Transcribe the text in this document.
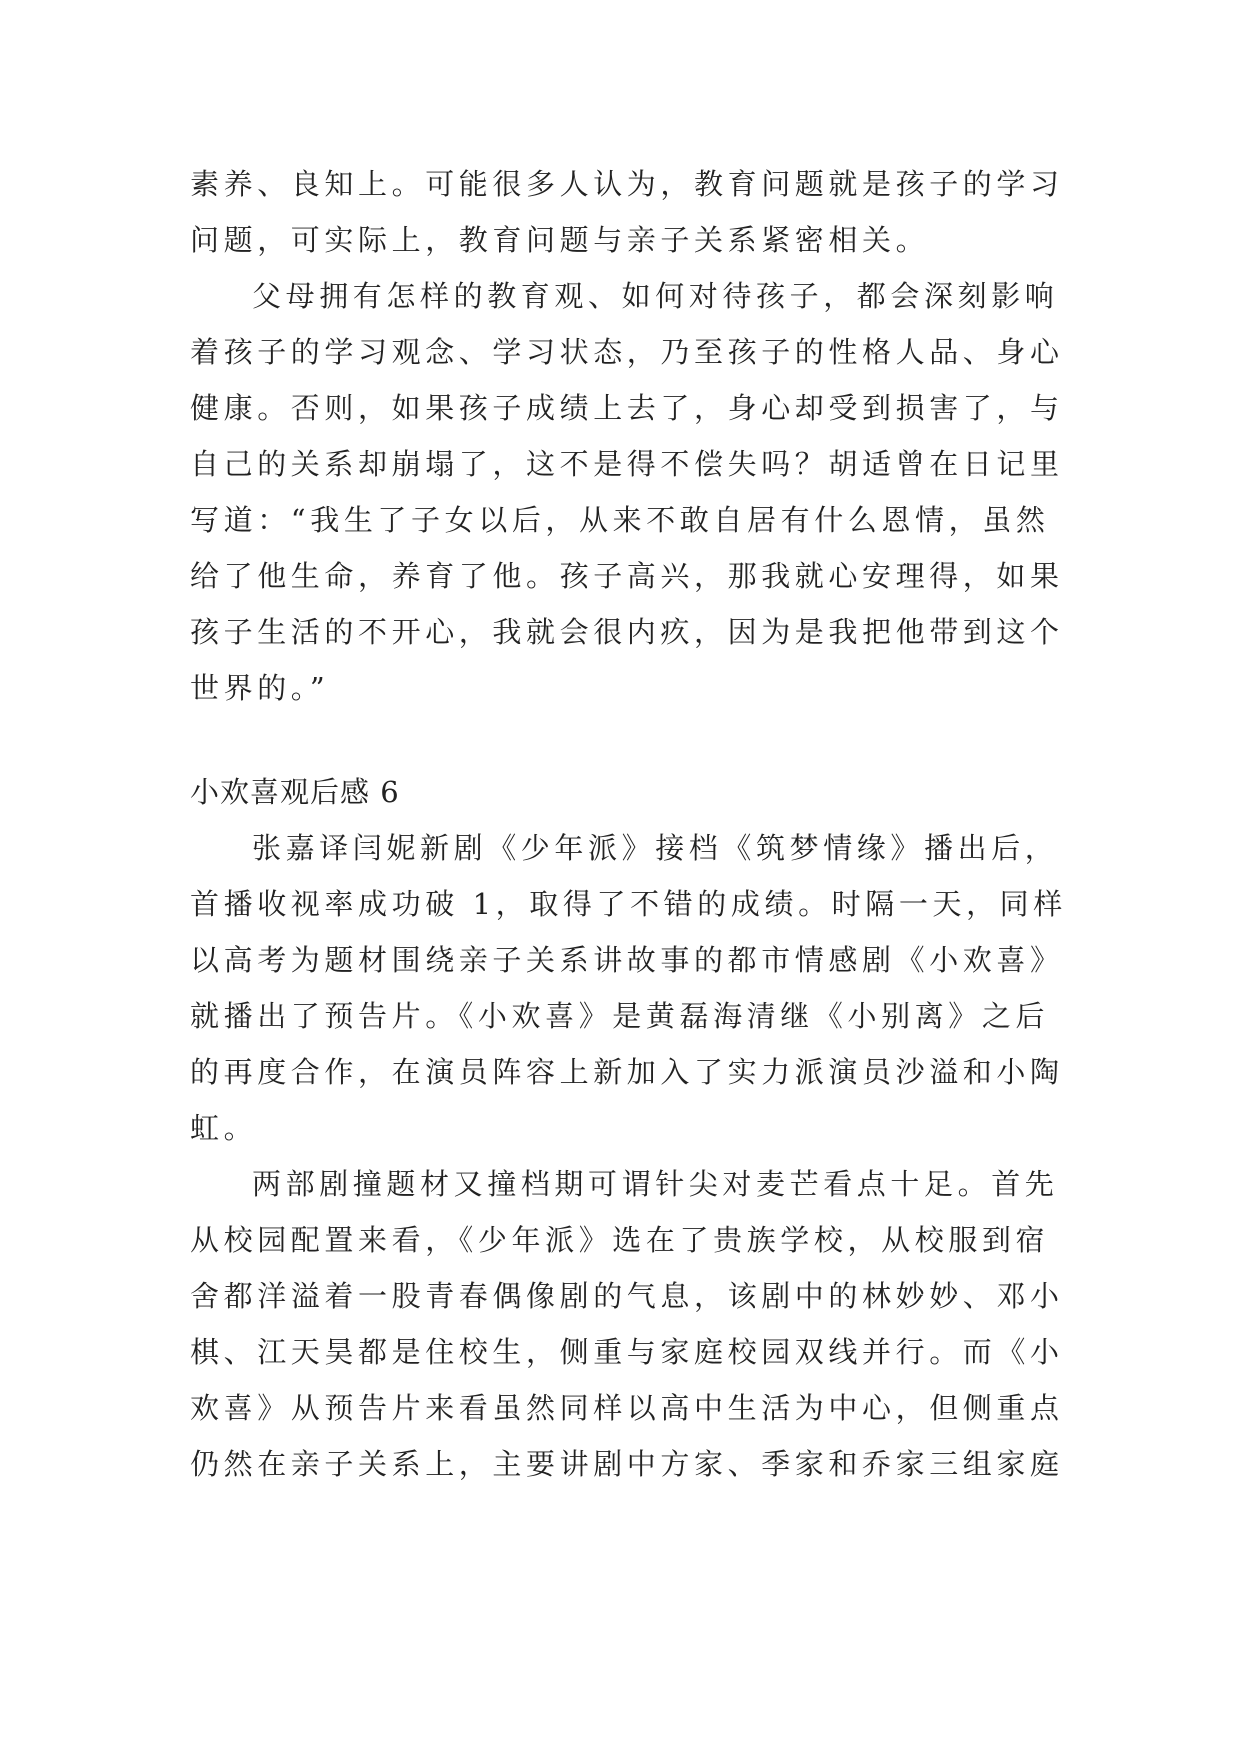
素养、良知上。可能很多人认为，教育问题就是孩子的学习
问题，可实际上，教育问题与亲子关系紧密相关。
父母拥有怎样的教育观、如何对待孩子，都会深刻影响
着孩子的学习观念、学习状态，乃至孩子的性格人品、身心
健康。否则，如果孩子成绩上去了，身心却受到损害了，与
自己的关系却崩塌了，这不是得不偿失吗？胡适曾在日记里
写道：“我生了子女以后，从来不敢自居有什么恩情，虽然
给了他生命，养育了他。孩子高兴，那我就心安理得，如果
孩子生活的不开心，我就会很内疚，因为是我把他带到这个
世界的。”
小欢喜观后感 6
张嘉译闫妮新剧《少年派》接档《筑梦情缘》播出后，
首播收视率成功破 1，取得了不错的成绩。时隔一天，同样
以高考为题材围绕亲子关系讲故事的都市情感剧《小欢喜》
就播出了预告片。《小欢喜》是黄磊海清继《小别离》之后
的再度合作，在演员阵容上新加入了实力派演员沙溢和小陶
虹。
两部剧撞题材又撞档期可谓针尖对麦芒看点十足。首先
从校园配置来看，《少年派》选在了贵族学校，从校服到宿
舍都洋溢着一股青春偶像剧的气息，该剧中的林妙妙、邓小
棋、江天昊都是住校生，侧重与家庭校园双线并行。而《小
欢喜》从预告片来看虽然同样以高中生活为中心，但侧重点
仍然在亲子关系上，主要讲剧中方家、季家和乔家三组家庭
